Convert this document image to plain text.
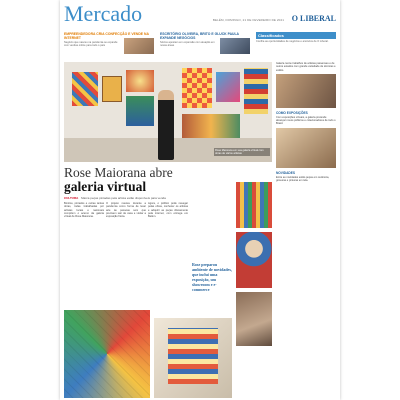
Mercado	BELÉM, DOMINGO, 21 DE FEVEREIRO DE 2021 O LIBERAL
EMPREENDEDORA CRIA CONFECÇÃO E VENDE NA INTERNET
Negócio que nasceu na pandemia se expande com vendas online para todo o país
ESCRITÓRIO OLIVEIRA, BRITO E GLUCK PAULA EXPANDE NEGÓCIOS
Sócios apostam em expansão com atuação em novas áreas
Classificados
Confira as oportunidades de negócios e anúncios de O Liberal.
Rose Maiorana em sua galeria virtual com obras de vários artistas
Galeria reúne trabalhos de artistas paraenses e de outros estados com grande variedade de técnicas e estilos.
COMO EXPOSIÇÕES
Com exposições virtuais, a galeria pretende alcançar novos públicos e colecionadores de todo o Brasil.
NOVIDADES
Entre as novidades estão peças em cerâmica, gravuras e pinturas em tela.
Rose Maiorana abre
galeria virtual
CULTURA Marca peças pintadas pela artista estão disponíveis para venda
Bonitos, pintados e outras tantas obras, todas trabalhadas por artistas locais e nacionais compõem o acervo da galeria virtual de Rose Maiorana.
O projeto nasceu durante a pandemia como forma de levar arte às pessoas sem que precisem sair de casa e visitar a exposição física.
Agora, o público pode navegar pelas obras, conhecer os artistas e adquirir as peças diretamente pela internet, com entrega em Belém.
Rose preparou ambiente de novidades, que incluí uma exposição, um showroom e e-commerce
